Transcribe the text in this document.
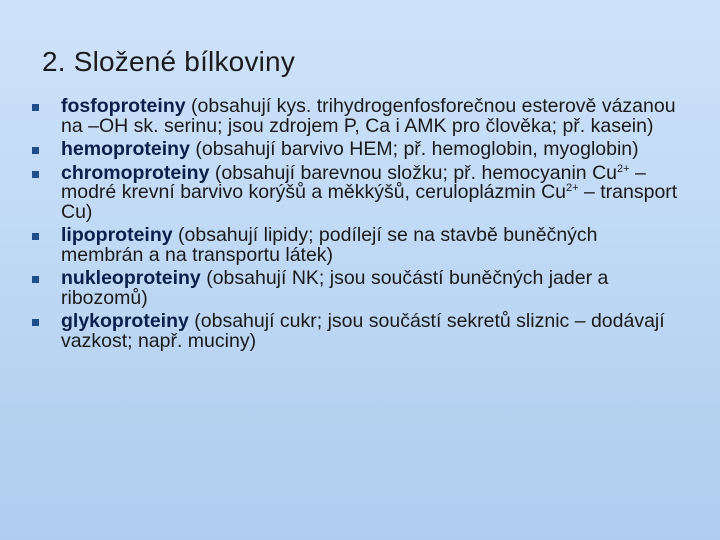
2. Složené bílkoviny
fosfoproteiny (obsahují kys. trihydrogenfosforečnou esterově vázanou na –OH sk. serinu; jsou zdrojem P, Ca i AMK pro člověka; př. kasein)
hemoproteiny (obsahují barvivo HEM; př. hemoglobin, myoglobin)
chromoproteiny (obsahují barevnou složku; př. hemocyanin $Cu^{2+}$ – modré krevní barvivo korýšů a měkkýšů, ceruloplázmin $Cu^{2+}$ – transport Cu)
lipoproteiny (obsahují lipidy; podílejí se na stavbě buněčných membrán a na transportu látek)
nukleoproteiny (obsahují NK; jsou součástí buněčných jader a ribozomů)
glykoproteiny (obsahují cukr; jsou součástí sekretů sliznic – dodávají vazkost; např. muciny)
